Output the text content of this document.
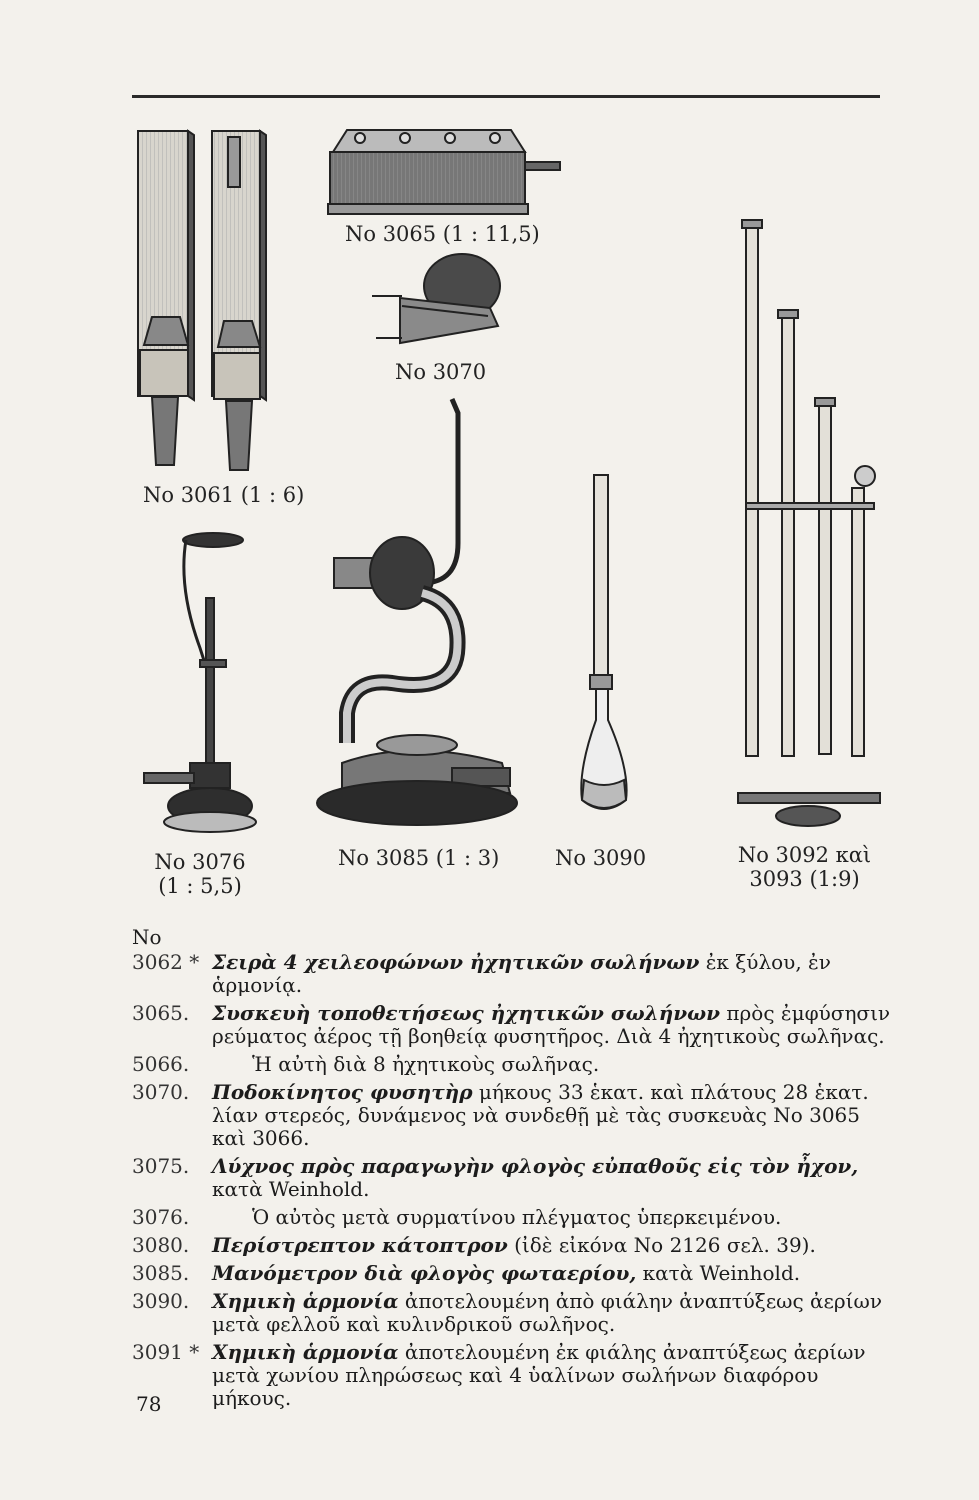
No 3065 (1 : 11,5)
No 3070
No 3061 (1 : 6)
No 3076
(1 : 5,5)
No 3085 (1 : 3)	No 3090	No 3092 καὶ
3093 (1:9)
No
3062 * Σειρὰ 4 χειλεοφώνων ἠχητικῶν σωλήνων ἐκ ξύλου, ἐν ἁρμονίᾳ.
3065.	Συσκευὴ τοποθετήσεως ἠχητικῶν σωλήνων πρὸς ἐμφύσησιν ρεύματος ἀέρος τῇ βοηθείᾳ φυσητῆρος. Διὰ 4 ἠχητικοὺς σωλῆνας.
5066.	Ἡ αὐτὴ διὰ 8 ἠχητικοὺς σωλῆνας.
3070.	Ποδοκίνητος φυσητὴρ μήκους 33 ἑκατ. καὶ πλάτους 28 ἑκατ. λίαν στερεός, δυνάμενος νὰ συνδεθῇ μὲ τὰς συσκευὰς No 3065 καὶ 3066.
3075.	Λύχνος πρὸς παραγωγὴν φλογὸς εὐπαθοῦς εἰς τὸν ἦχον, κατὰ Weinhold.
3076.	Ὁ αὐτὸς μετὰ συρματίνου πλέγματος ὑπερκειμένου.
3080.	Περίστρεπτον κάτοπτρον (ἰδὲ εἰκόνα No 2126 σελ. 39).
3085.	Μανόμετρον διὰ φλογὸς φωταερίου, κατὰ Weinhold.
3090.	Χημικὴ ἁρμονία ἀποτελουμένη ἀπὸ φιάλην ἀναπτύξεως ἀερίων μετὰ φελλοῦ καὶ κυλινδρικοῦ σωλῆνος.
3091 * Χημικὴ ἁρμονία ἀποτελουμένη ἐκ φιάλης ἀναπτύξεως ἀερίων μετὰ χωνίου πληρώσεως καὶ 4 ὑαλίνων σωλήνων διαφόρου μήκους.
78
